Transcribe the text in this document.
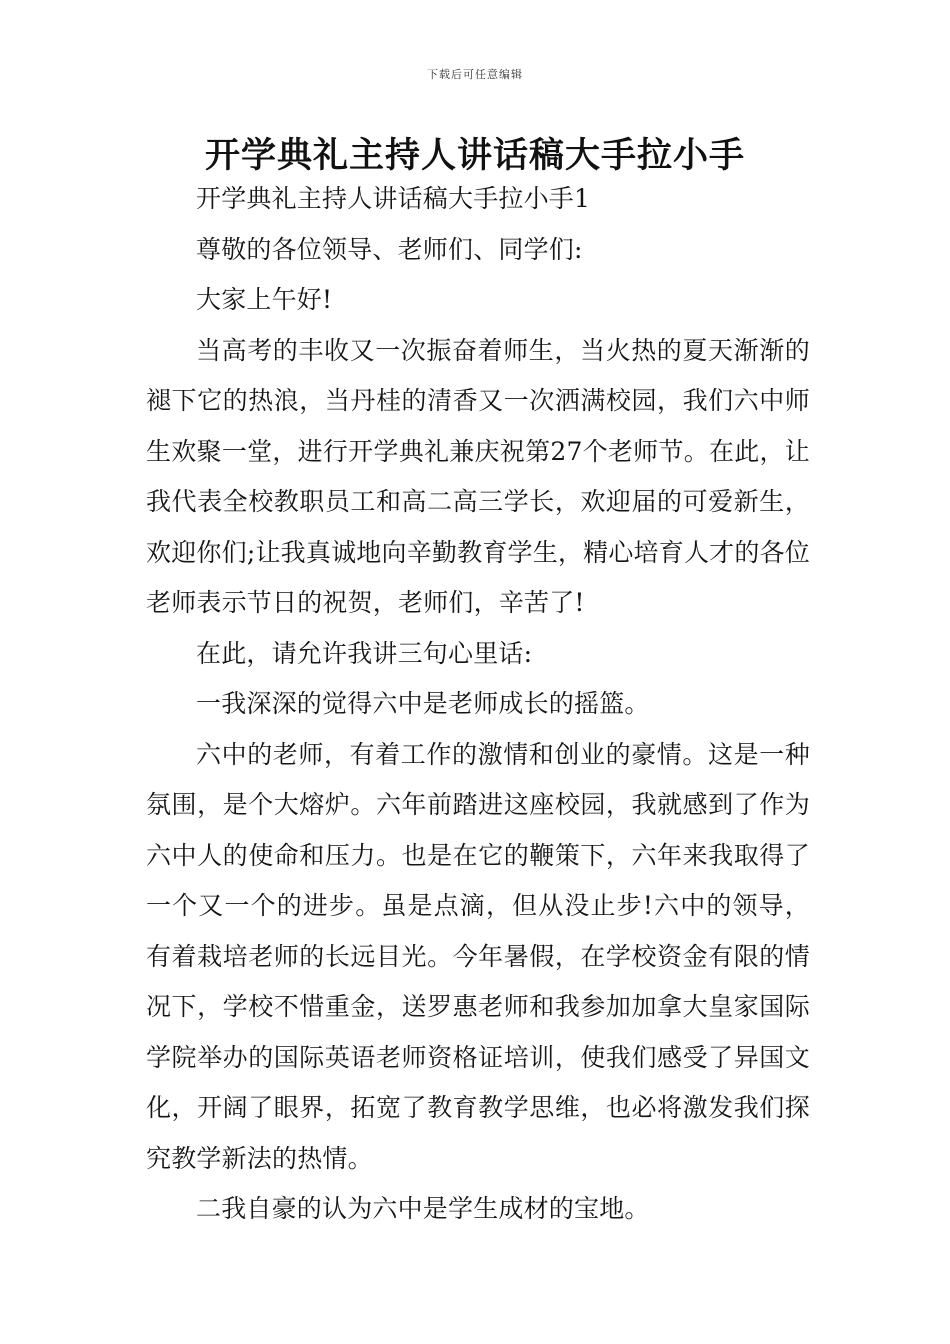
下载后可任意编辑
开学典礼主持人讲话稿大手拉小手

开学典礼主持人讲话稿大手拉小手1

尊敬的各位领导、老师们、同学们:

大家上午好!

当高考的丰收又一次振奋着师生，当火热的夏天渐渐的褪下它的热浪，当丹桂的清香又一次洒满校园，我们六中师生欢聚一堂，进行开学典礼兼庆祝第27个老师节。在此，让我代表全校教职员工和高二高三学长，欢迎届的可爱新生，欢迎你们;让我真诚地向辛勤教育学生，精心培育人才的各位老师表示节日的祝贺，老师们，辛苦了!

在此，请允许我讲三句心里话:

一我深深的觉得六中是老师成长的摇篮。

六中的老师，有着工作的激情和创业的豪情。这是一种氛围，是个大熔炉。六年前踏进这座校园，我就感到了作为六中人的使命和压力。也是在它的鞭策下，六年来我取得了一个又一个的进步。虽是点滴，但从没止步!六中的领导，有着栽培老师的长远目光。今年暑假，在学校资金有限的情况下，学校不惜重金，送罗惠老师和我参加加拿大皇家国际学院举办的国际英语老师资格证培训，使我们感受了异国文化，开阔了眼界，拓宽了教育教学思维，也必将激发我们探究教学新法的热情。

二我自豪的认为六中是学生成材的宝地。
